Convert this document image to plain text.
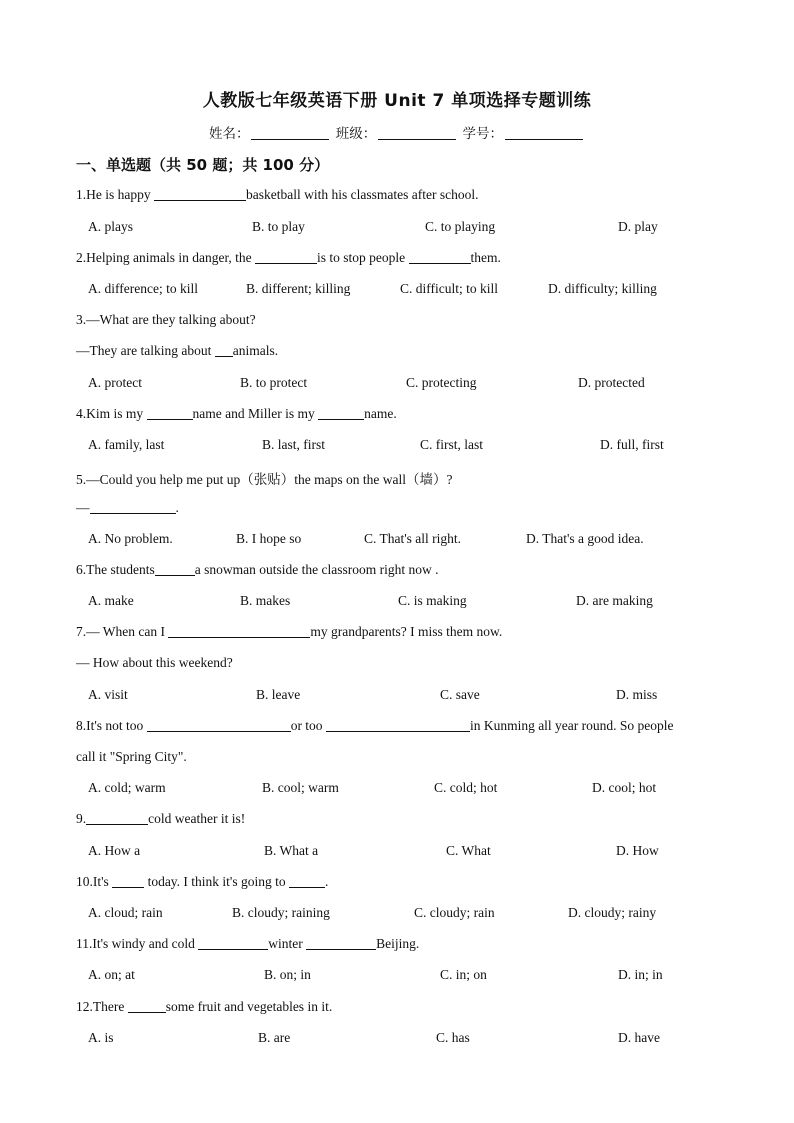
人教版七年级英语下册 Unit 7 单项选择专题训练
姓名：	班级：	学号：
一、单选题（共 50 题；共 100 分）
1.He is happy	basketball with his classmates after school.
A. plays	B. to play	C. to playing	D. play
2.Helping animals in danger, the	is to stop people	them.
A. difference; to kill	B. different; killing	C. difficult; to kill	D. difficulty; killing
3.—What are they talking about?
—They are talking about animals.
A. protect	B. to protect	C. protecting	D. protected
4.Kim is my	name and Miller is my	name.
A. family, last	B. last, first	C. first, last	D. full, first
5.—Could you help me put up（张贴）the maps on the wall（墙）?
—	.
A. No problem.	B. I hope so	C. That's all right.	D. That's a good idea.
6.The students	a snowman outside the classroom right now .
A. make	B. makes	C. is making	D. are making
7.— When can I	my grandparents? I miss them now.
— How about this weekend?
A. visit	B. leave	C. save	D. miss
8.It's not too	or too	in Kunming all year round. So people
call it "Spring City".
A. cold; warm	B. cool; warm	C. cold; hot	D. cool; hot
9.	cold weather it is!
A. How a	B. What a	C. What	D. How
10.It's  today. I think it's going to	.
A. cloud; rain	B. cloudy; raining	C. cloudy; rain	D. cloudy; rainy
11.It's windy and cold	winter	Beijing.
A. on; at	B. on; in	C. in; on	D. in; in
12.There	some fruit and vegetables in it.
A. is	B. are	C. has	D. have
